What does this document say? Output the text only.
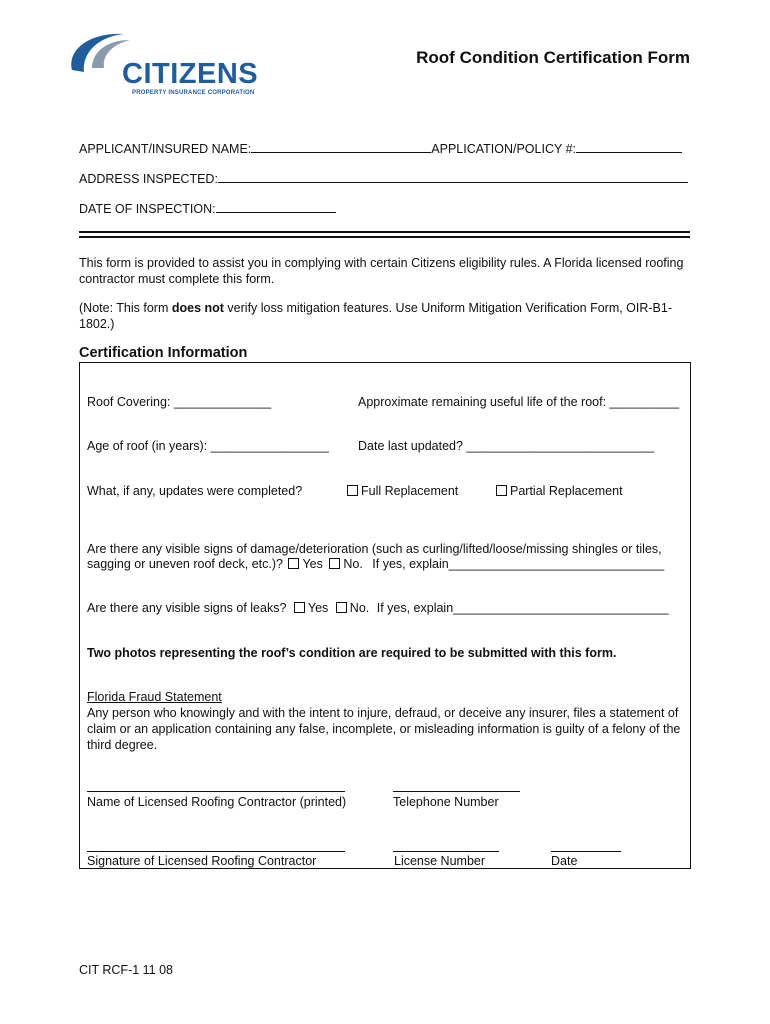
CITIZENS
PROPERTY INSURANCE CORPORATION
Roof Condition Certification Form
APPLICANT/INSURED NAME:	APPLICATION/POLICY #:
ADDRESS INSPECTED:
DATE OF INSPECTION:
This form is provided to assist you in complying with certain Citizens eligibility rules. A Florida licensed roofing contractor must complete this form.
(Note: This form does not verify loss mitigation features. Use Uniform Mitigation Verification Form, OIR-B1-1802.)
Certification Information
Roof Covering: ______________	Approximate remaining useful life of the roof: __________
Age of roof (in years): _________________ Date last updated? ___________________________
What, if any, updates were completed?	Full Replacement	Partial Replacement
Are there any visible signs of damage/deterioration (such as curling/lifted/loose/missing shingles or tiles,
sagging or uneven roof deck, etc.)? Yes No. If yes, explain_______________________________
Are there any visible signs of leaks? Yes No. If yes, explain_______________________________
Two photos representing the roof’s condition are required to be submitted with this form.
Florida Fraud Statement
Any person who knowingly and with the intent to injure, defraud, or deceive any insurer, files a statement of claim or an application containing any false, incomplete, or misleading information is guilty of a felony of the third degree.
Name of Licensed Roofing Contractor (printed)	Telephone Number
Signature of Licensed Roofing Contractor	License Number	Date
CIT RCF-1 11 08
